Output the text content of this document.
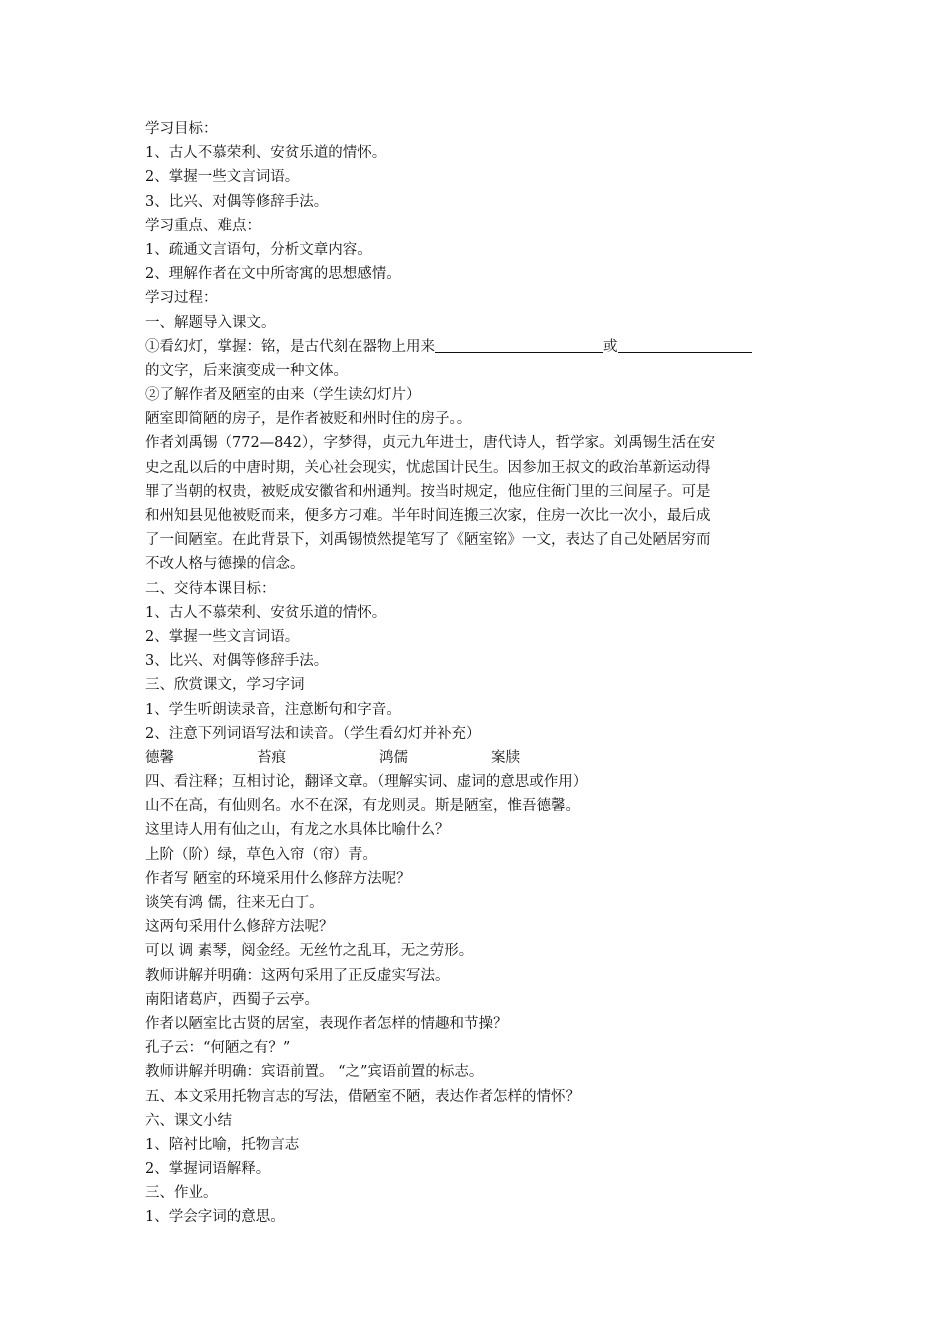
学习目标：
1、古人不慕荣利、安贫乐道的情怀。
2、掌握一些文言词语。
3、比兴、对偶等修辞手法。
学习重点、难点：
1、疏通文言语句，分析文章内容。
2、理解作者在文中所寄寓的思想感情。
学习过程：
一、解题导入课文。
①看幻灯，掌握：铭，是古代刻在器物上用来	或
的文字，后来演变成一种文体。
②了解作者及陋室的由来（学生读幻灯片）
陋室即简陋的房子，是作者被贬和州时住的房子。。
作者刘禹锡（772—842），字梦得，贞元九年进士，唐代诗人，哲学家。刘禹锡生活在安
史之乱以后的中唐时期，关心社会现实，忧虑国计民生。因参加王叔文的政治革新运动得
罪了当朝的权贵，被贬成安徽省和州通判。按当时规定，他应住衙门里的三间屋子。可是
和州知县见他被贬而来，便多方刁难。半年时间连搬三次家，住房一次比一次小，最后成
了一间陋室。在此背景下，刘禹锡愤然提笔写了《陋室铭》一文，表达了自己处陋居穷而
不改人格与德操的信念。
二、交待本课目标：
1、古人不慕荣利、安贫乐道的情怀。
2、掌握一些文言词语。
3、比兴、对偶等修辞手法。
三、欣赏课文，学习字词
1、学生听朗读录音，注意断句和字音。
2、注意下列词语写法和读音。（学生看幻灯并补充）
德馨	苔痕	鸿儒	案牍
四、看注释；互相讨论，翻译文章。（理解实词、虚词的意思或作用）
山不在高，有仙则名。水不在深，有龙则灵。斯是陋室，惟吾德馨。
这里诗人用有仙之山，有龙之水具体比喻什么？
上阶（阶）绿，草色入帘（帘）青。
作者写 陋室的环境采用什么修辞方法呢？
谈笑有鸿 儒，往来无白丁。
这两句采用什么修辞方法呢？
可以 调 素琴，阅金经。无丝竹之乱耳，无之劳形。
教师讲解并明确：这两句采用了正反虚实写法。
南阳诸葛庐，西蜀子云亭。
作者以陋室比古贤的居室，表现作者怎样的情趣和节操？
孔子云：“何陋之有？”
教师讲解并明确：宾语前置。 “之”宾语前置的标志。
五、本文采用托物言志的写法，借陋室不陋，表达作者怎样的情怀？
六、课文小结
1、陪衬比喻，托物言志
2、掌握词语解释。
三、作业。
1、学会字词的意思。
